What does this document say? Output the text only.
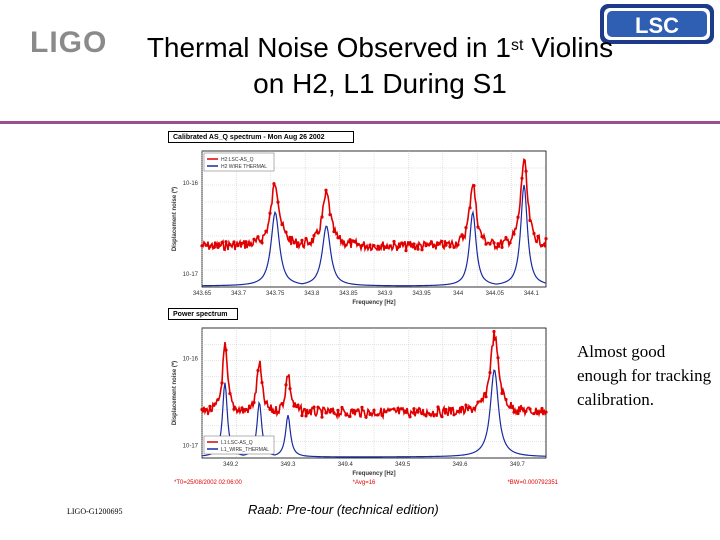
LIGO
LSC
Thermal Noise Observed in 1st Violins
on H2, L1 During S1
Calibrated AS_Q spectrum - Mon Aug 26 2002
343.65	343.7	343.75	343.8	343.85	343.9	343.95	344	344.05	344.1
Frequency [Hz]
10-16
10-17
Displacement noise (*)
H2:LSC-AS_Q
H2 WIRE THERMAL
Power spectrum
349.2	349.3	349.4	349.5	349.6	349.7
Frequency [Hz]
10-16
10-17
Displacement noise (*)
L1:LSC-AS_Q
L1_WIRE_THERMAL
*T0=25/08/2002 02:06:00	*Avg=16	*BW=0.000792351
Almost good enough for tracking calibration.
LIGO-G1200695	Raab: Pre-tour (technical edition)
